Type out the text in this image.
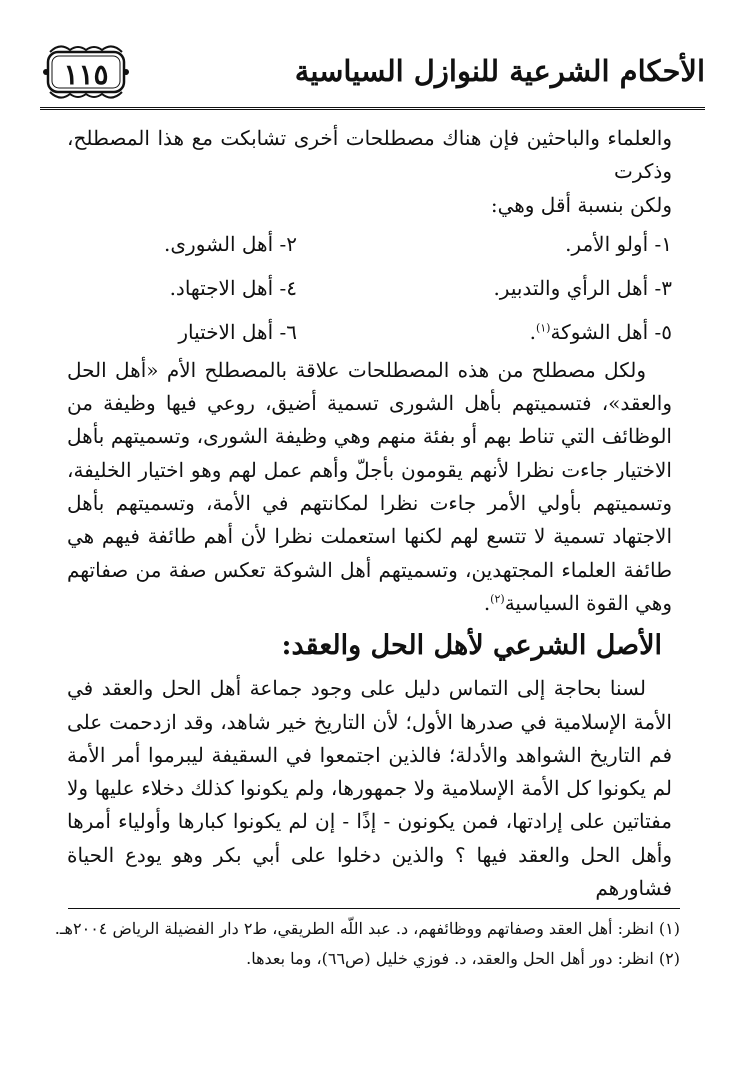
الأحكام الشرعية للنوازل السياسية
١١٥

والعلماء والباحثين فإن هناك مصطلحات أخرى تشابكت مع هذا المصطلح، وذكرت

ولكن بنسبة أقل وهي:

١- أولو الأمر.
٢- أهل الشورى.
٣- أهل الرأي والتدبير.
٤- أهل الاجتهاد.
٥- أهل الشوكة$^{(١)}$.
٦- أهل الاختيار

ولكل مصطلح من هذه المصطلحات علاقة بالمصطلح الأم «أهل الحل والعقد»، فتسميتهم بأهل الشورى تسمية أضيق، روعي فيها وظيفة من الوظائف التي تناط بهم أو بفئة منهم وهي وظيفة الشورى، وتسميتهم بأهل الاختيار جاءت نظرا لأنهم يقومون بأجلّ وأهم عمل لهم وهو اختيار الخليفة، وتسميتهم بأولي الأمر جاءت نظرا لمكانتهم في الأمة، وتسميتهم بأهل الاجتهاد تسمية لا تتسع لهم لكنها استعملت نظرا لأن أهم طائفة فيهم هي طائفة العلماء المجتهدين، وتسميتهم أهل الشوكة تعكس صفة من صفاتهم وهي القوة السياسية$^{(٢)}$.

الأصل الشرعي لأهل الحل والعقد:

لسنا بحاجة إلى التماس دليل على وجود جماعة أهل الحل والعقد في الأمة الإسلامية في صدرها الأول؛ لأن التاريخ خير شاهد، وقد ازدحمت على فم التاريخ الشواهد والأدلة؛ فالذين اجتمعوا في السقيفة ليبرموا أمر الأمة لم يكونوا كل الأمة الإسلامية ولا جمهورها، ولم يكونوا كذلك دخلاء عليها ولا مفتاتين على إرادتها، فمن يكونون - إذًا - إن لم يكونوا كبارها وأولياء أمرها وأهل الحل والعقد فيها ؟ والذين دخلوا على أبي بكر وهو يودع الحياة فشاورهم

(١) انظر: أهل العقد وصفاتهم ووظائفهم، د. عبد اللّه الطريقي، ط٢ دار الفضيلة الرياض ٢٠٠٤هـ.

(٢) انظر: دور أهل الحل والعقد، د. فوزي خليل (ص٦٦)، وما بعدها.
